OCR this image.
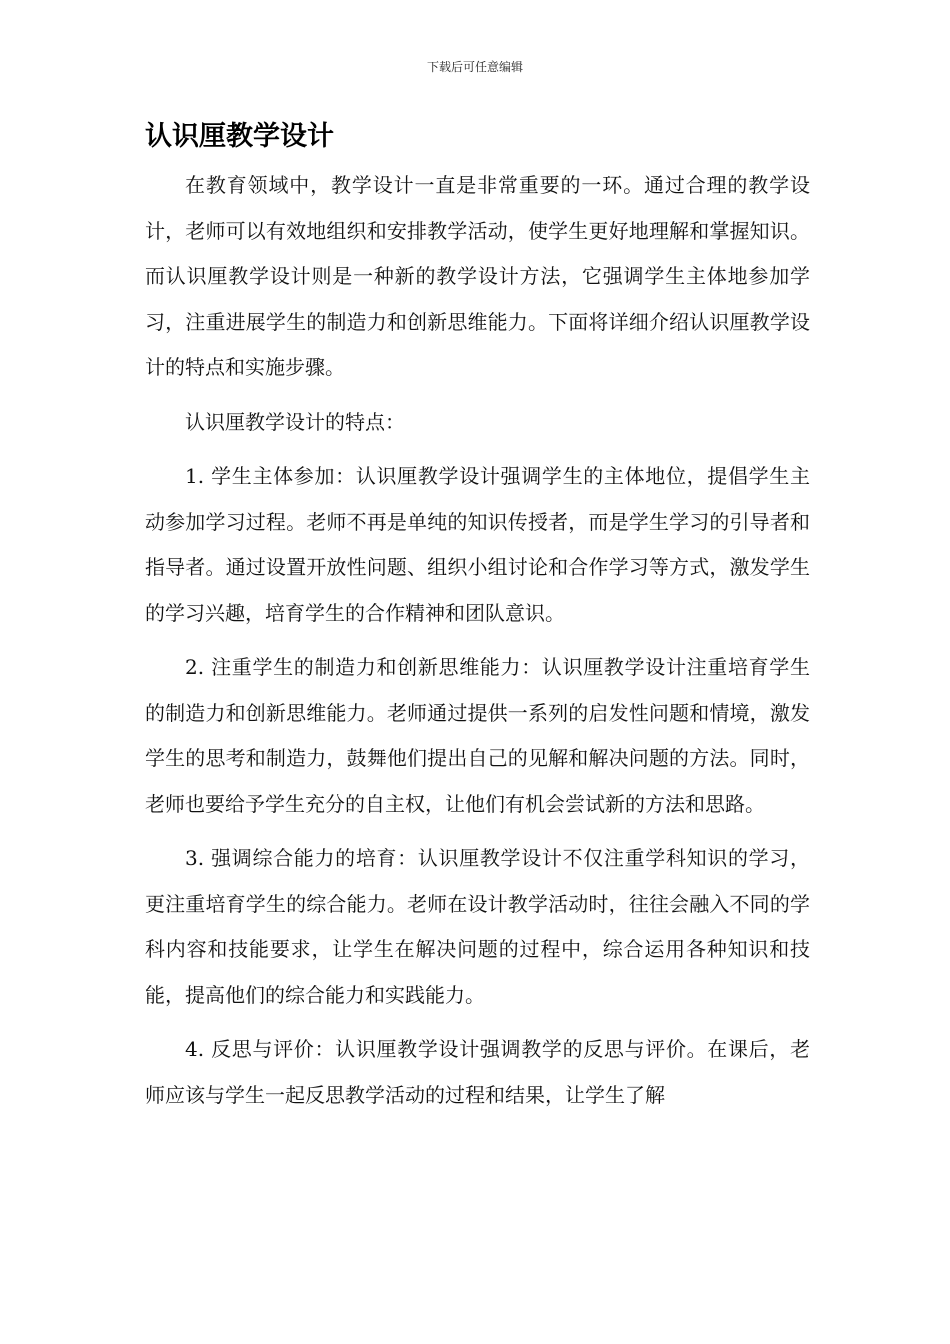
下载后可任意编辑
认识厘教学设计

在教育领域中，教学设计一直是非常重要的一环。通过合理的教学设计，老师可以有效地组织和安排教学活动，使学生更好地理解和掌握知识。而认识厘教学设计则是一种新的教学设计方法，它强调学生主体地参加学习，注重进展学生的制造力和创新思维能力。下面将详细介绍认识厘教学设计的特点和实施步骤。

认识厘教学设计的特点：

1. 学生主体参加：认识厘教学设计强调学生的主体地位，提倡学生主动参加学习过程。老师不再是单纯的知识传授者，而是学生学习的引导者和指导者。通过设置开放性问题、组织小组讨论和合作学习等方式，激发学生的学习兴趣，培育学生的合作精神和团队意识。

2. 注重学生的制造力和创新思维能力：认识厘教学设计注重培育学生的制造力和创新思维能力。老师通过提供一系列的启发性问题和情境，激发学生的思考和制造力，鼓舞他们提出自己的见解和解决问题的方法。同时，老师也要给予学生充分的自主权，让他们有机会尝试新的方法和思路。

3. 强调综合能力的培育：认识厘教学设计不仅注重学科知识的学习，更注重培育学生的综合能力。老师在设计教学活动时，往往会融入不同的学科内容和技能要求，让学生在解决问题的过程中，综合运用各种知识和技能，提高他们的综合能力和实践能力。

4. 反思与评价：认识厘教学设计强调教学的反思与评价。在课后，老师应该与学生一起反思教学活动的过程和结果，让学生了解
